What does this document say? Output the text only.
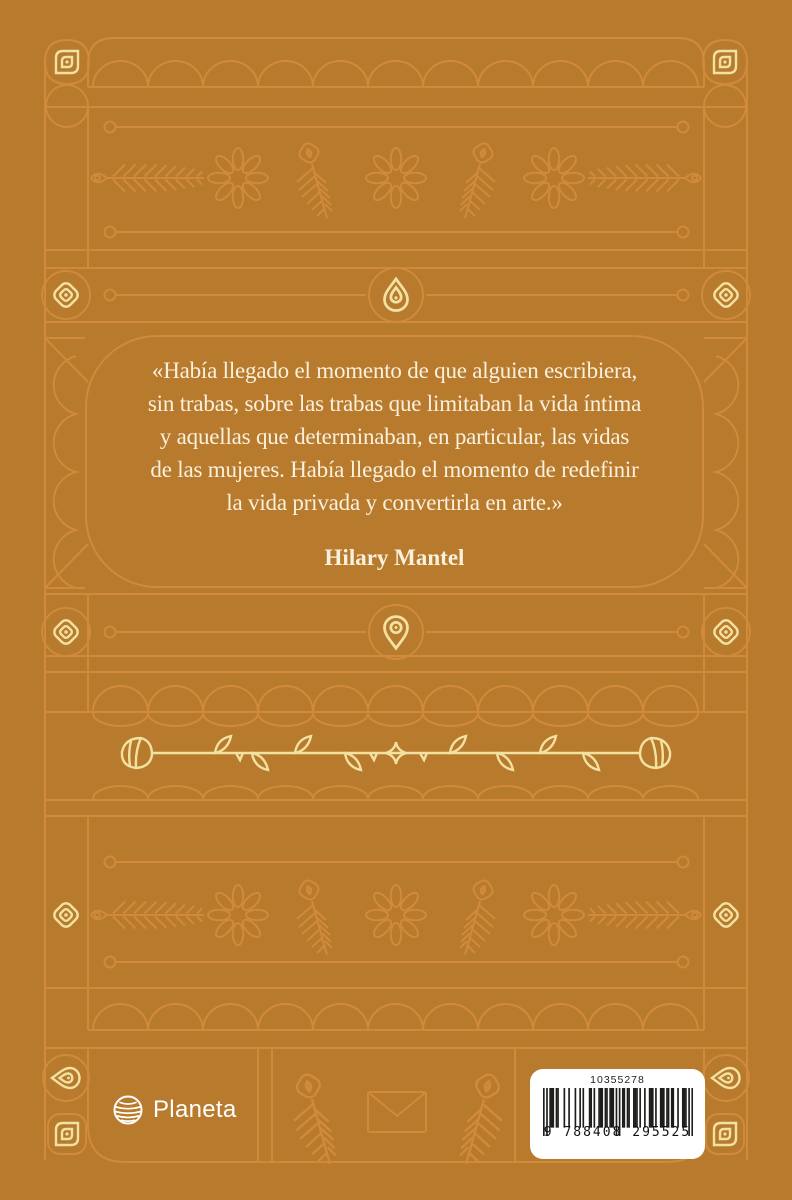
«Había llegado el momento de que alguien escribiera,

sin trabas, sobre las trabas que limitaban la vida íntima

y aquellas que determinaban, en particular, las vidas

de las mujeres. Había llegado el momento de redefinir

la vida privada y convertirla en arte.»

Hilary Mantel

Planeta
10355278
9 788408 295525
